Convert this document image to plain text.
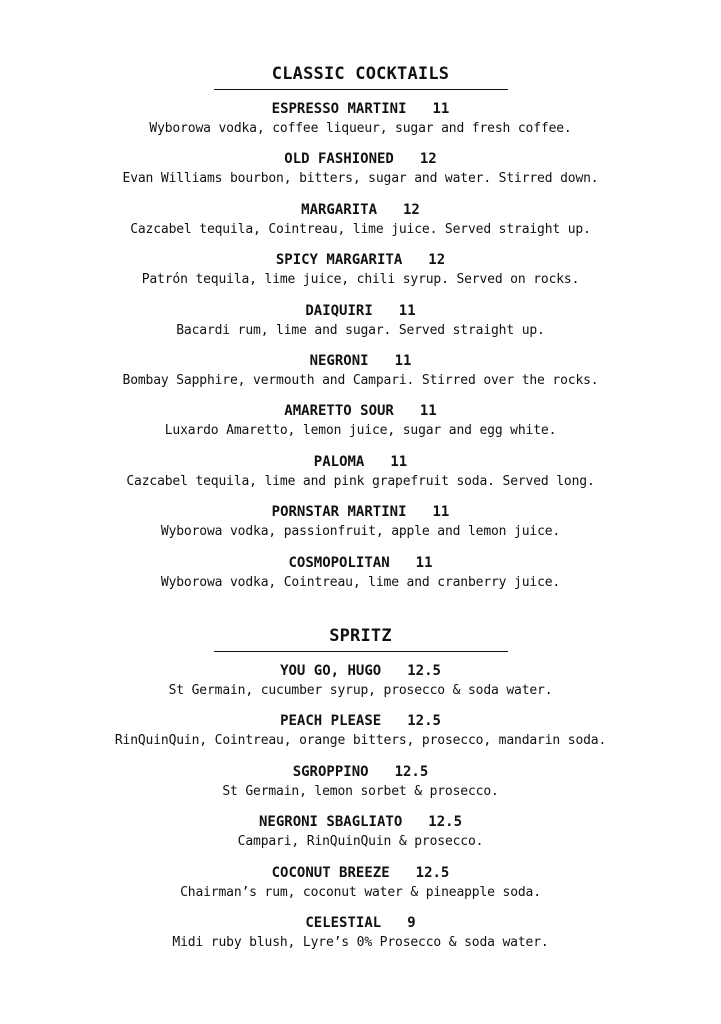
CLASSIC COCKTAILS
ESPRESSO MARTINI 11
Wyborowa vodka, coffee liqueur, sugar and fresh coffee.
OLD FASHIONED 12
Evan Williams bourbon, bitters, sugar and water. Stirred down.
MARGARITA 12
Cazcabel tequila, Cointreau, lime juice. Served straight up.
SPICY MARGARITA 12
Patrón tequila, lime juice, chili syrup. Served on rocks.
DAIQUIRI 11
Bacardi rum, lime and sugar. Served straight up.
NEGRONI 11
Bombay Sapphire, vermouth and Campari. Stirred over the rocks.
AMARETTO SOUR 11
Luxardo Amaretto, lemon juice, sugar and egg white.
PALOMA 11
Cazcabel tequila, lime and pink grapefruit soda. Served long.
PORNSTAR MARTINI 11
Wyborowa vodka, passionfruit, apple and lemon juice.
COSMOPOLITAN 11
Wyborowa vodka, Cointreau, lime and cranberry juice.
SPRITZ
YOU GO, HUGO 12.5
St Germain, cucumber syrup, prosecco & soda water.
PEACH PLEASE 12.5
RinQuinQuin, Cointreau, orange bitters, prosecco, mandarin soda.
SGROPPINO 12.5
St Germain, lemon sorbet & prosecco.
NEGRONI SBAGLIATO 12.5
Campari, RinQuinQuin & prosecco.
COCONUT BREEZE 12.5
Chairman’s rum, coconut water & pineapple soda.
CELESTIAL 9
Midi ruby blush, Lyre’s 0% Prosecco & soda water.
